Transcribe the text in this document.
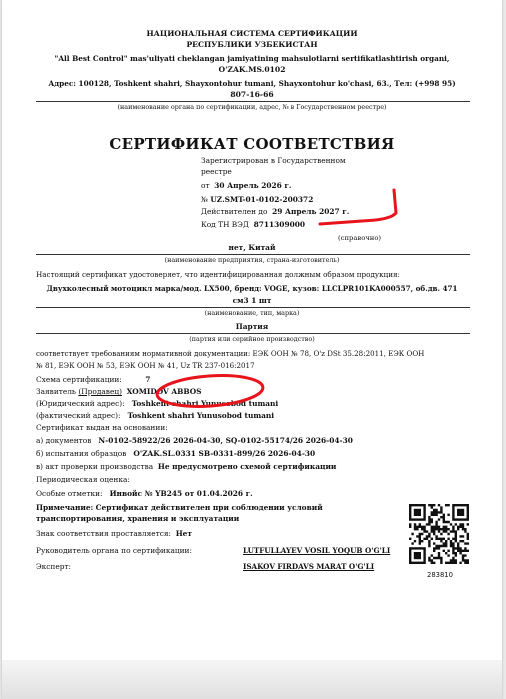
НАЦИОНАЛЬНАЯ СИСТЕМА СЕРТИФИКАЦИИ
РЕСПУБЛИКИ УЗБЕКИСТАН
"All Best Control" mas'uliyati cheklangan jamiyatining mahsulotlarni sertifikatlashtirish organi,
O'ZAK.MS.0102
Адрес: 100128, Toshkent shahri, Shayxontohur tumani, Shayxontohur ko'chasi, 63., Тел: (+998 95)
807-16-66
(наименование органа по сертификации, адрес, № в Государственном реестре)
СЕРТИФИКАТ СООТВЕТСТВИЯ
Зарегистрирован в Государственном
реестре
от 30 Апрель 2026 г.
№ UZ.SMT-01-0102-200372
Действителен до 29 Апрель 2027 г.
Код ТН ВЭД 8711309000
(справочно)
нет, Китай
(наименование предприятия, страна-изготовитель)
Настоящий сертификат удостоверяет, что идентифицированная должным образом продукция:
Двухколесный мотоцикл марка/мод. LX500, бренд: VOGE, кузов: LLCLPR101KA000557, об.дв. 471
см3 1 шт
(наименование, тип, марка)
Партия
(партия или серийное производство)
соответствует требованиям нормативной документации: ЕЭК ООН № 78, O'z DSt 35.28:2011, ЕЭК ООН
№ 81, ЕЭК ООН № 53, ЕЭК ООН № 41, Uz TR 237-016:2017
Схема сертификации:	7
Заявитель (Продавец) XOMIDOV ABBOS
(Юридический адрес): Toshkent shahri Yunusobod tumani
(фактический адрес): Toshkent shahri Yunusobod tumani
Сертификат выдан на основании:
а) документов N-0102-58922/26 2026-04-30, SQ-0102-55174/26 2026-04-30
б) испытания образцов O'ZAK.SL.0331 SB-0331-899/26 2026-04-30
в) акт проверки производства Не предусмотрено схемой сертификации
Периодическая оценка:
Особые отметки: Инвойс № YB245 от 01.04.2026 г.
Примечание: Сертификат действителен при соблюдении условий
транспортирования, хранения и эксплуатации
Знак соответствия проставляется: Нет
Руководитель органа по сертификации:	LUTFULLAYEV VOSIL YOQUB O'G'LI
Эксперт:	ISAKOV FIRDAVS MARAT O'G'LI
283810
